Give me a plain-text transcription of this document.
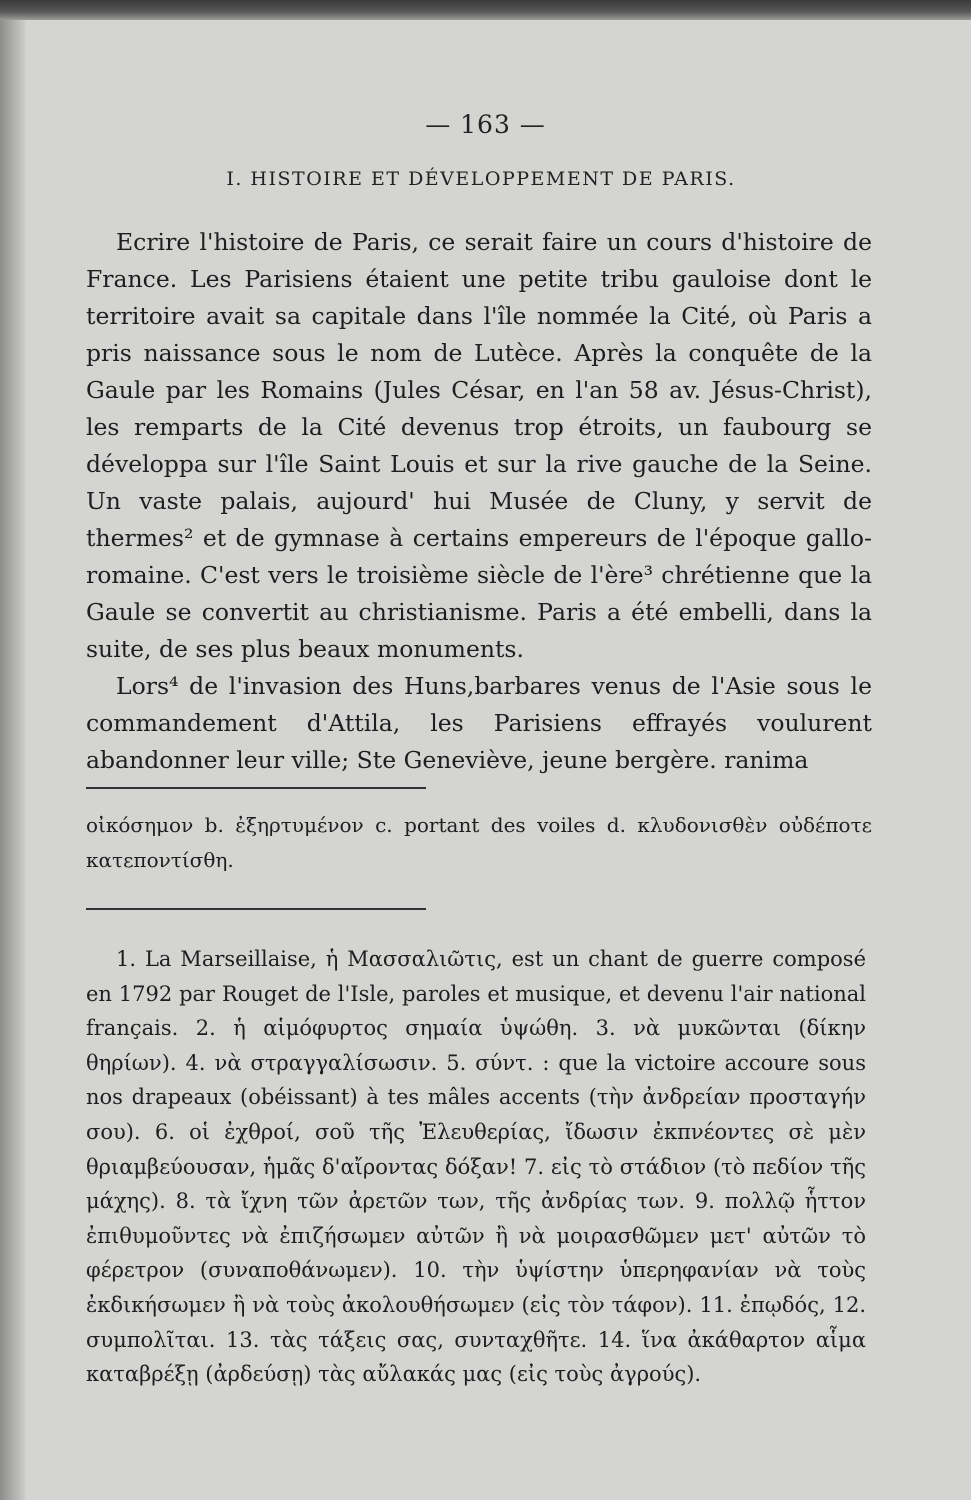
— 163 —
I. HISTOIRE ET DÉVELOPPEMENT DE PARIS.

Ecrire l'histoire de Paris, ce serait faire un cours d'histoire de France. Les Parisiens étaient une petite tribu gauloise dont le territoire avait sa capitale dans l'île nommée la Cité, où Paris a pris naissance sous le nom de Lutèce. Après la conquête de la Gaule par les Romains (Jules César, en l'an 58 av. Jésus-Christ), les remparts de la Cité devenus trop étroits, un faubourg se développa sur l'île Saint Louis et sur la rive gauche de la Seine. Un vaste palais, aujourd' hui Musée de Cluny, y servit de thermes² et de gymnase à certains empereurs de l'époque gallo-romaine. C'est vers le troisième siècle de l'ère³ chrétienne que la Gaule se convertit au christianisme. Paris a été embelli, dans la suite, de ses plus beaux monuments.

Lors⁴ de l'invasion des Huns,barbares venus de l'Asie sous le commandement d'Attila, les Parisiens effrayés voulurent abandonner leur ville; Ste Geneviève, jeune bergère. ranima

οἰκόσημον b. ἐξηρτυμένον c. portant des voiles d. κλυδονισθὲν οὐδέποτε κατεποντίσθη.
1. La Marseillaise, ἡ Μασσαλιῶτις, est un chant de guerre composé en 1792 par Rouget de l'Isle, paroles et musique, et devenu l'air national français. 2. ἡ αἱμόφυρτος σημαία ὑψώθη. 3. νὰ μυκῶνται (δίκην θηρίων). 4. νὰ στραγγαλίσωσιν. 5. σύντ. : que la victoire accoure sous nos drapeaux (obéissant) à tes mâles accents (τὴν ἀνδρείαν προσταγήν σου). 6. οἱ ἐχθροί, σοῦ τῆς Ἐλευθερίας, ἴδωσιν ἐκπνέοντες σὲ μὲν θριαμβεύουσαν, ἡμᾶς δ'αἴροντας δόξαν! 7. εἰς τὸ στάδιον (τὸ πεδίον τῆς μάχης). 8. τὰ ἴχνη τῶν ἀρετῶν των, τῆς ἀνδρίας των. 9. πολλῷ ἧττον ἐπιθυμοῦντες νὰ ἐπιζήσωμεν αὐτῶν ἢ νὰ μοιρασθῶμεν μετ' αὐτῶν τὸ φέρετρον (συναποθάνωμεν). 10. τὴν ὑψίστην ὑπερηφανίαν νὰ τοὺς ἐκδικήσωμεν ἢ νὰ τοὺς ἀκολουθήσωμεν (εἰς τὸν τάφον). 11. ἐπῳδός, 12. συμπολῖται. 13. τὰς τάξεις σας, συνταχθῆτε. 14. ἵνα ἀκάθαρτον αἷμα καταβρέξῃ (ἀρδεύσῃ) τὰς αὔλακάς μας (εἰς τοὺς ἀγρούς).
